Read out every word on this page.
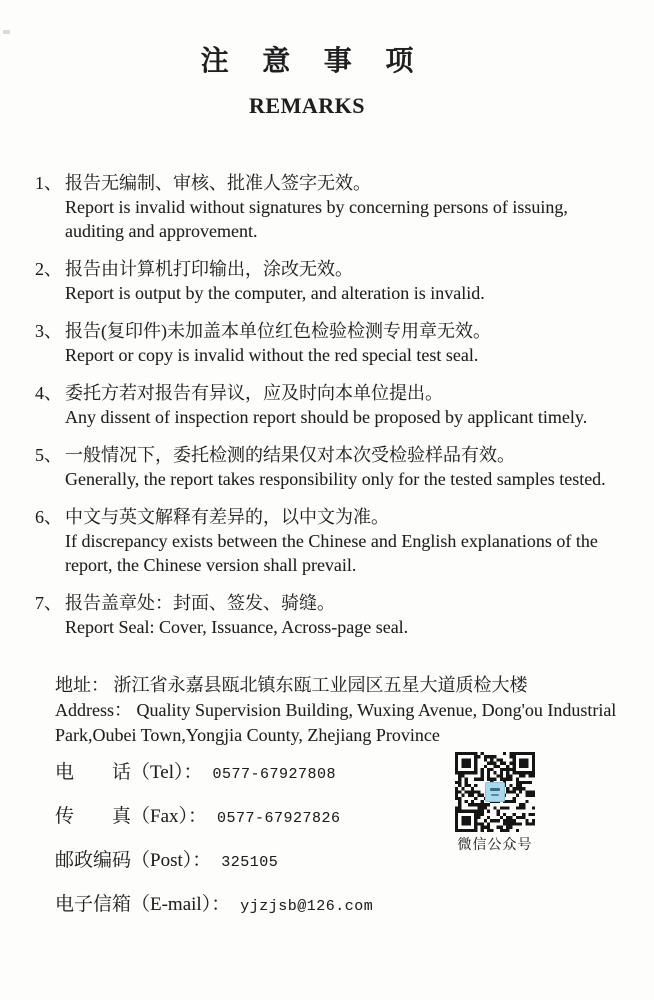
注意事项
REMARKS
1、 报告无编制、审核、批准人签字无效。

Report is invalid without signatures by concerning persons of issuing, auditing and approvement.

2、 报告由计算机打印输出，涂改无效。

Report is output by the computer, and alteration is invalid.

3、 报告(复印件)未加盖本单位红色检验检测专用章无效。

Report or copy is invalid without the red special test seal.

4、 委托方若对报告有异议，应及时向本单位提出。

Any dissent of inspection report should be proposed by applicant timely.

5、 一般情况下，委托检测的结果仅对本次受检验样品有效。

Generally, the report takes responsibility only for the tested samples tested.

6、 中文与英文解释有差异的，以中文为准。

If discrepancy exists between the Chinese and English explanations of the report, the Chinese version shall prevail.

7、 报告盖章处：封面、签发、骑缝。

Report Seal: Cover, Issuance, Across-page seal.

地址： 浙江省永嘉县瓯北镇东瓯工业园区五星大道质检大楼

Address： Quality Supervision Building, Wuxing Avenue, Dong'ou Industrial Park,Oubei Town,Yongjia County, Zhejiang Province

电话（Tel）： 0577-67927808
传真（Fax）： 0577-67927826
邮政编码（Post）： 325105
电子信箱（E-mail）： yjzjsb@126.com
微信公众号
